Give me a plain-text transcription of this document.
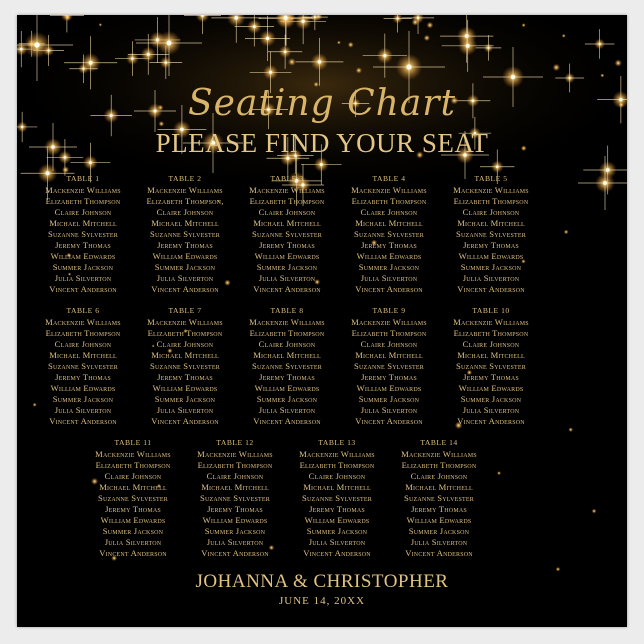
Seating Chart
PLEASE FIND YOUR SEAT
TABLE 1
Mackenzie Williams
Elizabeth Thompson
Claire Johnson
Michael Mitchell
Suzanne Sylvester
Jeremy Thomas
William Edwards
Summer Jackson
Julia Silverton
Vincent Anderson
TABLE 2
Mackenzie Williams
Elizabeth Thompson,
Claire Johnson
Michael Mitchell
Suzanne Sylvester
Jeremy Thomas
William Edwards
Summer Jackson
Julia Silverton
Vincent Anderson
TABLE 3
Mackenzie Williams
Elizabeth Thompson
Claire Johnson
Michael Mitchell
Suzanne Sylvester
Jeremy Thomas
William Edwards
Summer Jackson
Julia Silverton
Vincent Anderson
TABLE 4
Mackenzie Williams
Elizabeth Thompson
Claire Johnson
Michael Mitchell
Suzanne Sylvester
Jeremy Thomas
William Edwards
Summer Jackson
Julia Silverton
Vincent Anderson
TABLE 5
Mackenzie Williams
Elizabeth Thompson
Claire Johnson
Michael Mitchell
Suzanne Sylvester
Jeremy Thomas
William Edwards
Summer Jackson
Julia Silverton
Vincent Anderson
TABLE 6
Mackenzie Williams
Elizabeth Thompson
Claire Johnson
Michael Mitchell
Suzanne Sylvester
Jeremy Thomas
William Edwards
Summer Jackson
Julia Silverton
Vincent Anderson
TABLE 7
Mackenzie Williams
Elizabeth Thompson
Claire Johnson
Michael Mitchell
Suzanne Sylvester
Jeremy Thomas
William Edwards
Summer Jackson
Julia Silverton
Vincent Anderson
TABLE 8
Mackenzie Williams
Elizabeth Thompson
Claire Johnson
Michael Mitchell
Suzanne Sylvester
Jeremy Thomas
William Edwards
Summer Jackson
Julia Silverton
Vincent Anderson
TABLE 9
Mackenzie Williams
Elizabeth Thompson
Claire Johnson
Michael Mitchell
Suzanne Sylvester
Jeremy Thomas
William Edwards
Summer Jackson
Julia Silverton
Vincent Anderson
TABLE 10
Mackenzie Williams
Elizabeth Thompson
Claire Johnson
Michael Mitchell
Suzanne Sylvester
Jeremy Thomas
William Edwards
Summer Jackson
Julia Silverton
Vincent Anderson
TABLE 11
Mackenzie Williams
Elizabeth Thompson
Claire Johnson
Michael Mitchell
Suzanne Sylvester
Jeremy Thomas
William Edwards
Summer Jackson
Julia Silverton
Vincent Anderson
TABLE 12
Mackenzie Williams
Elizabeth Thompson
Claire Johnson
Michael Mitchell
Suzanne Sylvester
Jeremy Thomas
William Edwards
Summer Jackson
Julia Silverton
Vincent Anderson
TABLE 13
Mackenzie Williams
Elizabeth Thompson
Claire Johnson
Michael Mitchell
Suzanne Sylvester
Jeremy Thomas
William Edwards
Summer Jackson
Julia Silverton
Vincent Anderson
TABLE 14
Mackenzie Williams
Elizabeth Thompson
Claire Johnson
Michael Mitchell
Suzanne Sylvester
Jeremy Thomas
William Edwards
Summer Jackson
Julia Silverton
Vincent Anderson
JOHANNA & CHRISTOPHER
JUNE 14, 20XX
